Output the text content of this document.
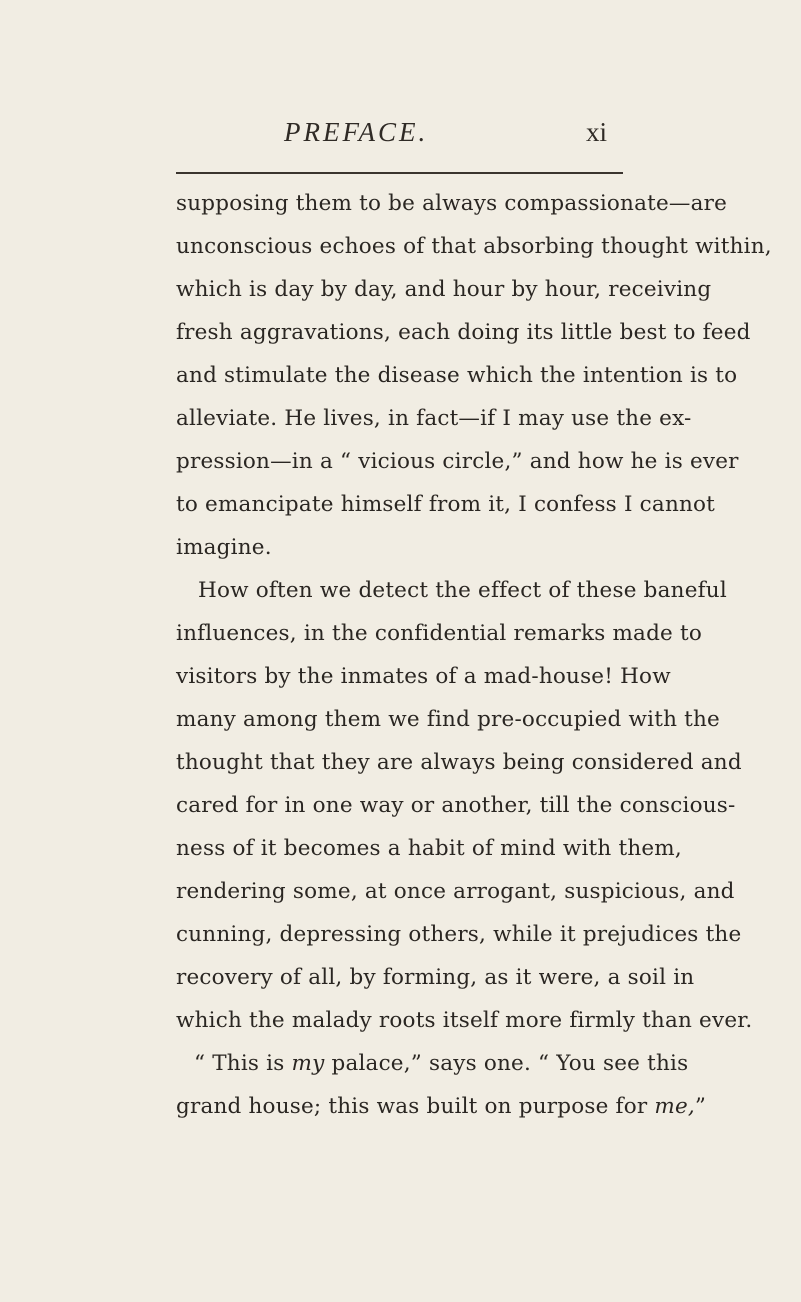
PREFACE.	xi
supposing them to be always compassionate—are
unconscious echoes of that absorbing thought within,
which is day by day, and hour by hour, receiving
fresh aggravations, each doing its little best to feed
and stimulate the disease which the intention is to
alleviate. He lives, in fact—if I may use the ex-
pression—in a “ vicious circle,” and how he is ever
to emancipate himself from it, I confess I cannot
imagine.
How often we detect the effect of these baneful
influences, in the confidential remarks made to
visitors by the inmates of a mad-house! How
many among them we find pre-occupied with the
thought that they are always being considered and
cared for in one way or another, till the conscious-
ness of it becomes a habit of mind with them,
rendering some, at once arrogant, suspicious, and
cunning, depressing others, while it prejudices the
recovery of all, by forming, as it were, a soil in
which the malady roots itself more firmly than ever.
“ This is my palace,” says one. “ You see this
grand house; this was built on purpose for me,”
